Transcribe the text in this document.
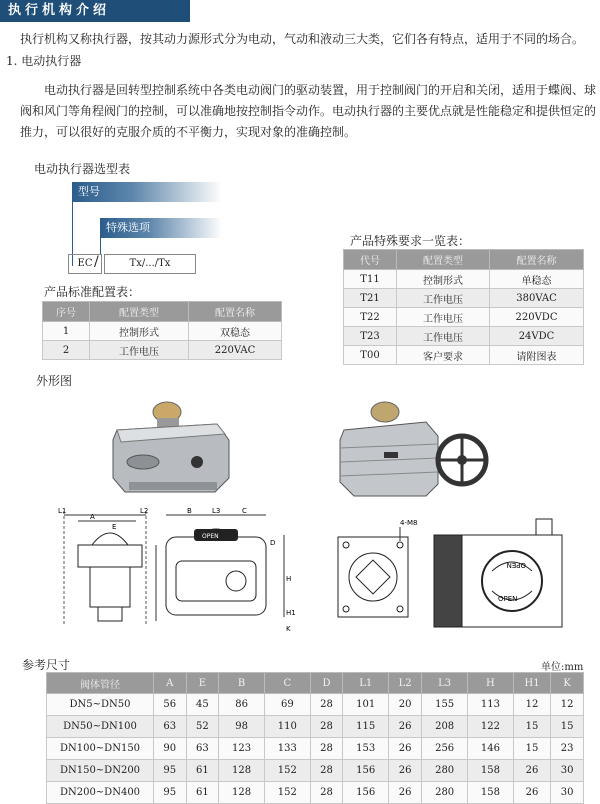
执行机构介绍
执行机构又称执行器，按其动力源形式分为电动，气动和液动三大类，它们各有特点，适用于不同的场合。
1. 电动执行器
电动执行器是回转型控制系统中各类电动阀门的驱动装置，用于控制阀门的开启和关闭，适用于蝶阀、球阀和风门等角程阀门的控制，可以准确地按控制指令动作。电动执行器的主要优点就是性能稳定和提供恒定的推力，可以很好的克服介质的不平衡力，实现对象的准确控制。
电动执行器选型表
型号
特殊选项
EC /	Tx/.../Tx
产品特殊要求一览表：
代号	配置类型	配置名称
T11	控制形式	单稳态
T21	工作电压	380VAC
T22	工作电压	220VDC
T23	工作电压	24VDC
T00	客户要求	请附图表
产品标准配置表：
序号	配置类型	配置名称
1	控制形式	双稳态
2	工作电压	220VAC
外形图
L1	L2
A
E
OPEN
B	L3	C
D
H
H1
K
4-M8
OPEN
OPEN
参考尺寸	单位:mm
阀体管径	A	E	B	C	D	L1	L2	L3	H	H1	K
DN5~DN50	56	45	86	69	28	101	20	155	113	12	12
DN50~DN100	63	52	98	110	28	115	26	208	122	15	15
DN100~DN150	90	63	123	133	28	153	26	256	146	15	23
DN150~DN200	95	61	128	152	28	156	26	280	158	26	30
DN200~DN400	95	61	128	152	28	156	26	280	158	26	30
